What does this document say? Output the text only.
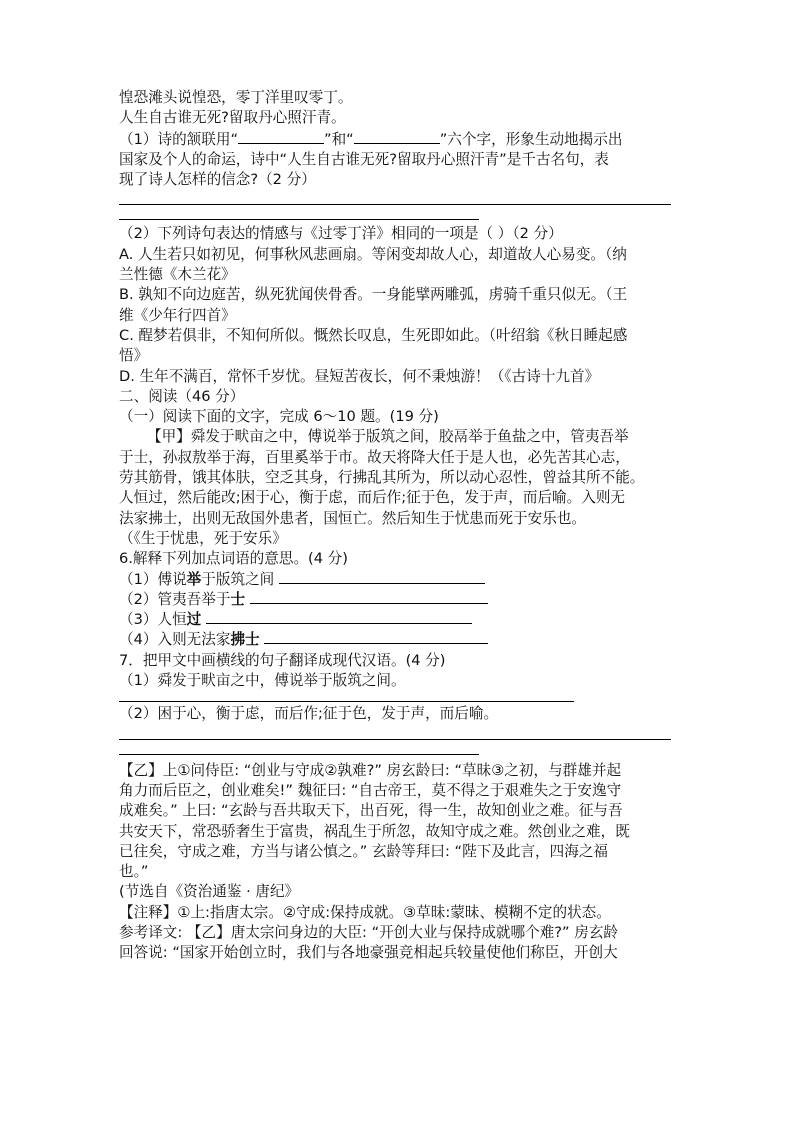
惶恐滩头说惶恐，零丁洋里叹零丁。
人生自古谁无死?留取丹心照汗青。
（1）诗的颔联用“	”和“	”六个字，形象生动地揭示出
国家及个人的命运，诗中“人生自古谁无死?留取丹心照汗青”是千古名句，表
现了诗人怎样的信念?（2 分）
（2）下列诗句表达的情感与《过零丁洋》相同的一项是（ ）（2 分）
A. 人生若只如初见，何事秋风悲画扇。等闲变却故人心，却道故人心易变。（纳
兰性德《木兰花》
B. 孰知不向边庭苦，纵死犹闻侠骨香。一身能擘两雕弧，虏骑千重只似无。（王
维《少年行四首》
C. 酲梦若俱非，不知何所似。慨然长叹息，生死即如此。（叶绍翁《秋日睡起感
悟》
D. 生年不满百，常怀千岁忧。昼短苦夜长，何不秉烛游！（《古诗十九首》
二、阅读（46 分）
（一）阅读下面的文字，完成 6～10 题。(19 分)
【甲】舜发于畎亩之中，傅说举于版筑之间，胶鬲举于鱼盐之中，管夷吾举
于士，孙叔敖举于海，百里奚举于市。故天将降大任于是人也，必先苦其心志，
劳其筋骨，饿其体肤，空乏其身，行拂乱其所为，所以动心忍性，曾益其所不能。
人恒过，然后能改;困于心，衡于虑，而后作;征于色，发于声，而后喻。入则无
法家拂士，出则无敌国外患者，国恒亡。然后知生于忧患而死于安乐也。
（《生于忧患，死于安乐》
6.解释下列加点词语的意思。(4 分)
（1）傅说举于版筑之间
（2）管夷吾举于士
（3）人恒过
（4）入则无法家拂士
7．把甲文中画横线的句子翻译成现代汉语。(4 分)
（1）舜发于畎亩之中，傅说举于版筑之间。
（2）困于心，衡于虑，而后作;征于色，发于声，而后喻。
【乙】上①问侍臣: “创业与守成②孰难?” 房玄龄曰: “草昧③之初，与群雄并起
角力而后臣之，创业难矣!” 魏征曰: “自古帝王，莫不得之于艰难失之于安逸守
成难矣。” 上曰: “玄龄与吾共取天下，出百死，得一生，故知创业之难。征与吾
共安天下，常恐骄奢生于富贵，祸乱生于所忽，故知守成之难。然创业之难，既
已往矣，守成之难，方当与诸公慎之。” 玄龄等拜曰: “陛下及此言，四海之福
也。”
(节选自《资治通鉴 · 唐纪》
【注释】①上:指唐太宗。②守成:保持成就。③草昧:蒙昧、模糊不定的状态。
参考译文: 【乙】唐太宗问身边的大臣: “开创大业与保持成就哪个难?” 房玄龄
回答说: “国家开始创立时，我们与各地豪强竞相起兵较量使他们称臣，开创大
